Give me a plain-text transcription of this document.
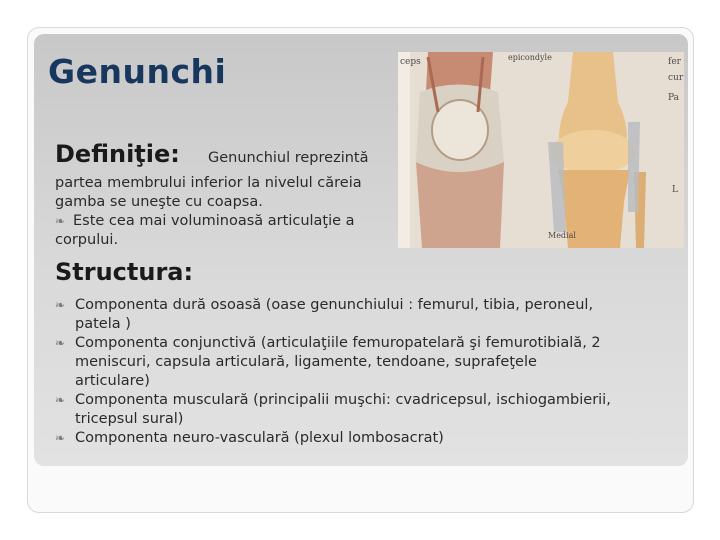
Genunchi	ceps	fer
cur
Pa
epicondyle
Medial
L
Definiţie: Genunchiul reprezintă
partea membrului inferior la nivelul căreia
gamba se uneşte cu coapsa.
❧ Este cea mai voluminoasă articulaţie a
corpului.
Structura:
❧ Componenta dură osoasă (oase genunchiului : femurul, tibia, peroneul,
patela )
❧ Componenta conjunctivă (articulaţiile femuropatelară şi femurotibială, 2
meniscuri, capsula articulară, ligamente, tendoane, suprafeţele
articulare)
❧ Componenta musculară (principalii muşchi: cvadricepsul, ischiogambierii,
tricepsul sural)
❧ Componenta neuro-vasculară (plexul lombosacrat)
